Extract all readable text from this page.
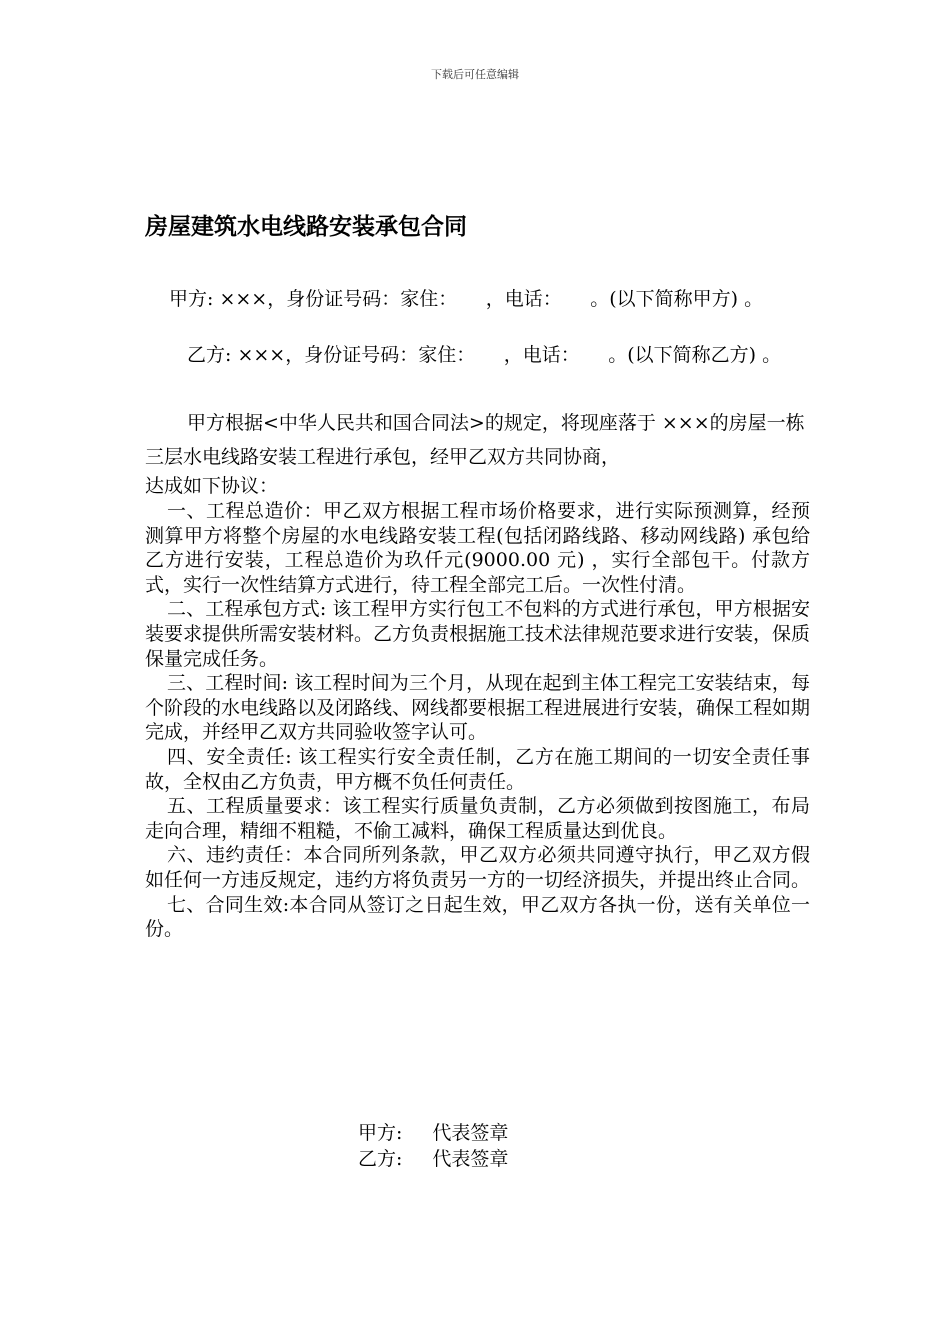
下载后可任意编辑
房屋建筑水电线路安装承包合同

甲方: ×××，身份证号码：家住：　　，电话：　　。(以下简称甲方) 。

乙方: ×××，身份证号码：家住：　　，电话：　　。(以下简称乙方) 。

甲方根据<中华人民共和国合同法>的规定，将现座落于 ×××的房屋一栋三层水电线路安装工程进行承包，经甲乙双方共同协商，

达成如下协议：

一、工程总造价：甲乙双方根据工程市场价格要求，进行实际预测算，经预测算甲方将整个房屋的水电线路安装工程(包括闭路线路、移动网线路) 承包给乙方进行安装，工程总造价为玖仟元(9000.00 元) ，实行全部包干。付款方式，实行一次性结算方式进行，待工程全部完工后。一次性付清。

二、工程承包方式: 该工程甲方实行包工不包料的方式进行承包，甲方根据安装要求提供所需安装材料。乙方负责根据施工技术法律规范要求进行安装，保质保量完成任务。

三、工程时间: 该工程时间为三个月，从现在起到主体工程完工安装结束，每个阶段的水电线路以及闭路线、网线都要根据工程进展进行安装，确保工程如期完成，并经甲乙双方共同验收签字认可。

四、安全责任: 该工程实行安全责任制，乙方在施工期间的一切安全责任事故，全权由乙方负责，甲方概不负任何责任。

五、工程质量要求：该工程实行质量负责制，乙方必须做到按图施工，布局走向合理，精细不粗糙，不偷工减料，确保工程质量达到优良。

六、违约责任：本合同所列条款，甲乙双方必须共同遵守执行，甲乙双方假如任何一方违反规定，违约方将负责另一方的一切经济损失，并提出终止合同。

七、合同生效:本合同从签订之日起生效，甲乙双方各执一份，送有关单位一份。

甲方: 代表签章
乙方: 代表签章
